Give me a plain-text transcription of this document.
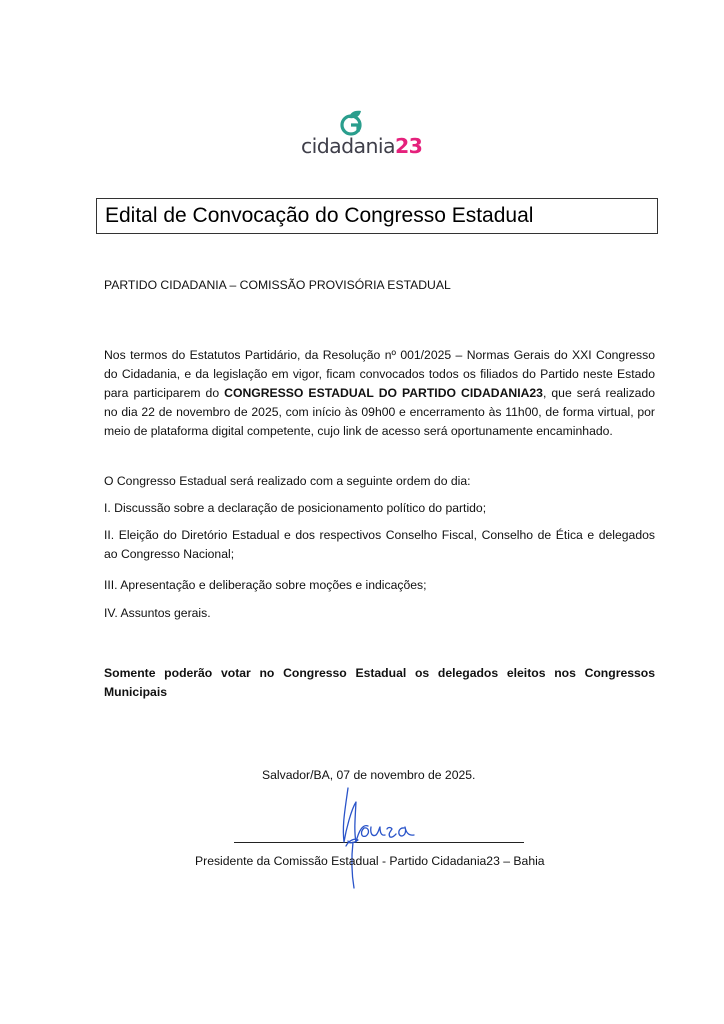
cidadania23
Edital de Convocação do Congresso Estadual
PARTIDO CIDADANIA – COMISSÃO PROVISÓRIA ESTADUAL

Nos termos do Estatutos Partidário, da Resolução nº 001/2025 – Normas Gerais do XXI Congresso do Cidadania, e da legislação em vigor, ficam convocados todos os filiados do Partido neste Estado para participarem do CONGRESSO ESTADUAL DO PARTIDO CIDADANIA23, que será realizado no dia 22 de novembro de 2025, com início às 09h00 e encerramento às 11h00, de forma virtual, por meio de plataforma digital competente, cujo link de acesso será oportunamente encaminhado.

O Congresso Estadual será realizado com a seguinte ordem do dia:

I. Discussão sobre a declaração de posicionamento político do partido;

II. Eleição do Diretório Estadual e dos respectivos Conselho Fiscal, Conselho de Ética e delegados ao Congresso Nacional;

III. Apresentação e deliberação sobre moções e indicações;

IV. Assuntos gerais.

Somente poderão votar no Congresso Estadual os delegados eleitos nos Congressos Municipais

Salvador/BA, 07 de novembro de 2025.
Presidente da Comissão Estadual - Partido Cidadania23 – Bahia
